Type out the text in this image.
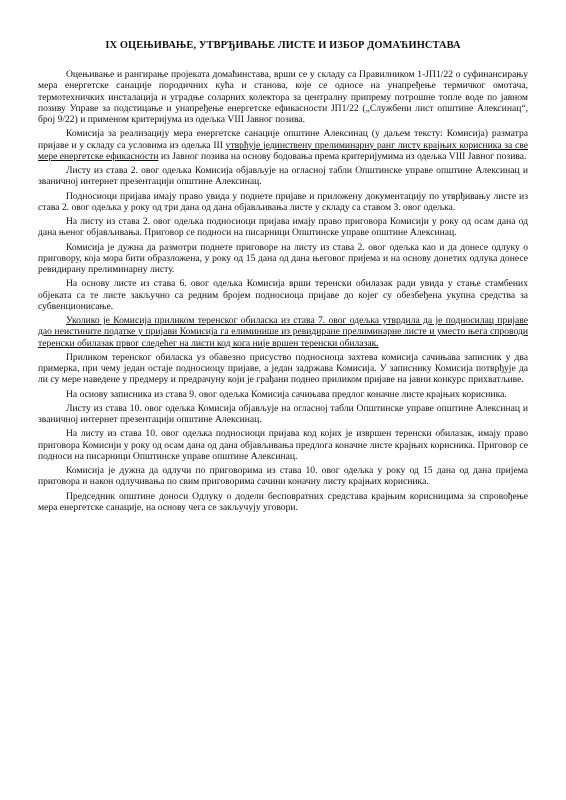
IX ОЦЕЊИВАЊЕ, УТВРЂИВАЊЕ ЛИСТЕ И ИЗБОР ДОМАЋИНСТАВА

Оцењивање и рангирање пројеката домаћинстава, врши се у складу са Правилником 1-ЈП1/22 о суфинансирању мера енергетске санације породичних кућа и станова, које се односе на унапређење термичког омотача, термотехничких инсталација и уградње соларних колектора за централну припрему потрошне топле воде по јавном позиву Управе за подстицање и унапређење енергетске ефикасности ЈП1/22 („Службени лист општине Алексинац“, број 9/22) и применом критеријума из одељка VIII Јавног позива.

Комисија за реализацију мера енергетске санације општине Алексинац (у даљем тексту: Комисија) разматра пријаве и у складу са условима из одељка III утврђује јединствену прелиминарну ранг листу крајњих корисника за све мере енергетске ефикасности из Јавног позива на основу бодовања према критеријумима из одељка VIII Јавног позива.

Листу из става 2. овог одељка Комисија објављује на огласној табли Општинске управе општине Алексинац и званичној интернет презентацији општине Алексинац.

Подносиоци пријава имају право увида у поднете пријаве и приложену документацију по утврђивању листе из става 2. овог одељка у року од три дана од дана објављивања листе у складу са ставом 3. овог одељка.

На листу из става 2. овог одељка подносиоци пријава имају право приговора Комисији у року од осам дана од дана њеног објављивања. Приговор се подноси на писарници Општинске управе општине Алексинац.

Комисија је дужна да размотри поднете приговоре на листу из става 2. овог одељка као и да донесе одлуку о приговору, која мора бити образложена, у року од 15 дана од дана његовог пријема и на основу донетих одлука донесе ревидирану прелиминарну листу.

На основу листе из става 6. овог одељка Комисија врши теренски обилазак ради увида у стање стамбених објеката са те листе закључно са редним бројем подносиоца пријаве до којег су обезбеђена укупна средства за субвенционисање.

Уколико је Комисија приликом теренског обиласка из става 7. овог одељка утврдила да је подносилац пријаве дао неистините податке у пријави Комисија га елиминише из ревидиране прелиминарне листе и уместо њега спроводи теренски обилазак првог следећег на листи код кога није вршен теренски обилазак.

Приликом теренског обиласка уз обавезно присуство подносиоца захтева комисија сачињава записник у два примерка, при чему један остаје подносиоцу пријаве, а један задржава Комисија. У записнику Комисија потврђује да ли су мере наведене у предмеру и предрачуну који је грађани поднео приликом пријаве на јавни конкурс прихватљиве.

На основу записника из става 9. овог одељка Комисија сачињава предлог коначне листе крајњих корисника.

Листу из става 10. овог одељка Комисија објављује на огласној табли Општинске управе општине Алексинац и званичној интернет презентацији општине Алексинац.

На листу из става 10. овог одељка подносиоци пријава код којих је извршен теренски обилазак, имају право приговора Комисији у року од осам дана од дана објављивања предлога коначне листе крајњих корисника. Приговор се подноси на писарници Општинске управе општине Алексинац.

Комисија је дужна да одлучи по приговорима из става 10. овог одељка у року од 15 дана од дана пријема приговора и након одлучивања по свим приговорима сачини коначну листу крајњих корисника.

Председник општине доноси Одлуку о додели бесповратних средстава крајњим корисницима за спровођење мера енергетске санације, на основу чега се закључују уговори.
